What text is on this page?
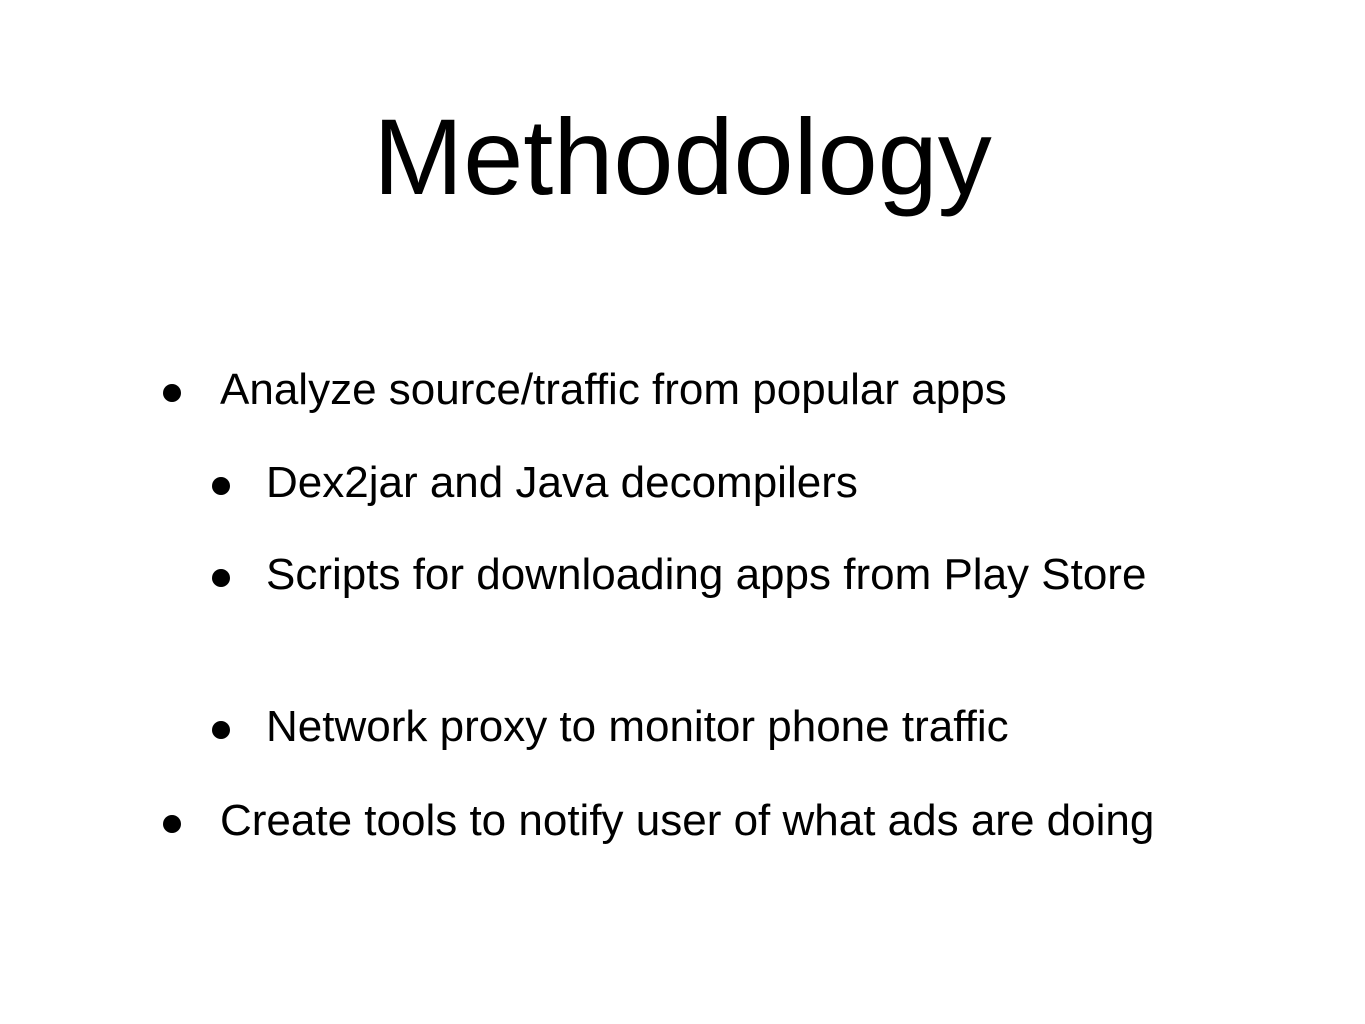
Methodology
Analyze source/traffic from popular apps
Dex2jar and Java decompilers
Scripts for downloading apps from Play Store
Network proxy to monitor phone traffic
Create tools to notify user of what ads are doing
